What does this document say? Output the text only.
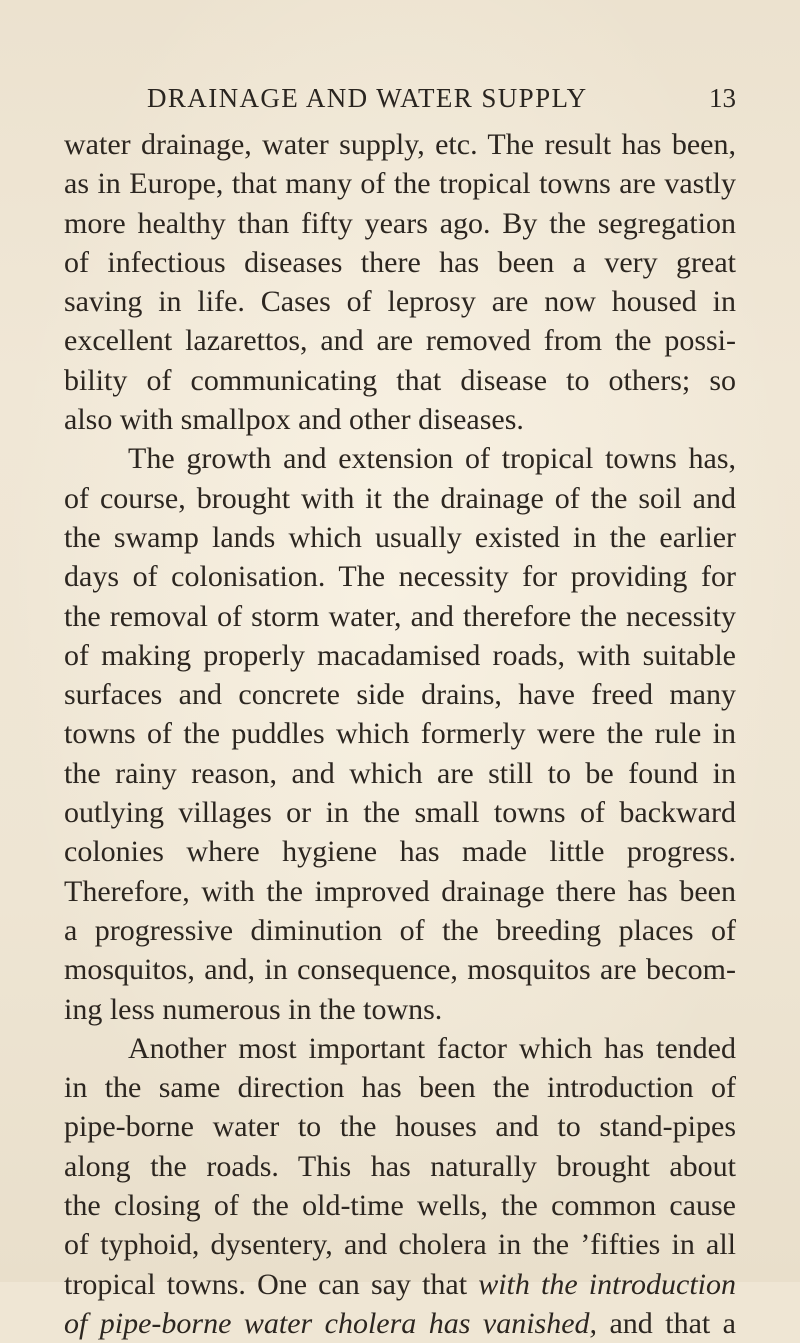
DRAINAGE AND WATER SUPPLY	13
water drainage, water supply, etc. The result has been,
as in Europe, that many of the tropical towns are vastly
more healthy than fifty years ago. By the segregation
of infectious diseases there has been a very great
saving in life. Cases of leprosy are now housed in
excellent lazarettos, and are removed from the possi-
bility of communicating that disease to others; so
also with smallpox and other diseases.
The growth and extension of tropical towns has,
of course, brought with it the drainage of the soil and
the swamp lands which usually existed in the earlier
days of colonisation. The necessity for providing for
the removal of storm water, and therefore the necessity
of making properly macadamised roads, with suitable
surfaces and concrete side drains, have freed many
towns of the puddles which formerly were the rule in
the rainy reason, and which are still to be found in
outlying villages or in the small towns of backward
colonies where hygiene has made little progress.
Therefore, with the improved drainage there has been
a progressive diminution of the breeding places of
mosquitos, and, in consequence, mosquitos are becom-
ing less numerous in the towns.
Another most important factor which has tended
in the same direction has been the introduction of
pipe-borne water to the houses and to stand-pipes
along the roads. This has naturally brought about
the closing of the old-time wells, the common cause
of typhoid, dysentery, and cholera in the ’fifties in all
tropical towns. One can say that with the introduction
of pipe-borne water cholera has vanished, and that a
